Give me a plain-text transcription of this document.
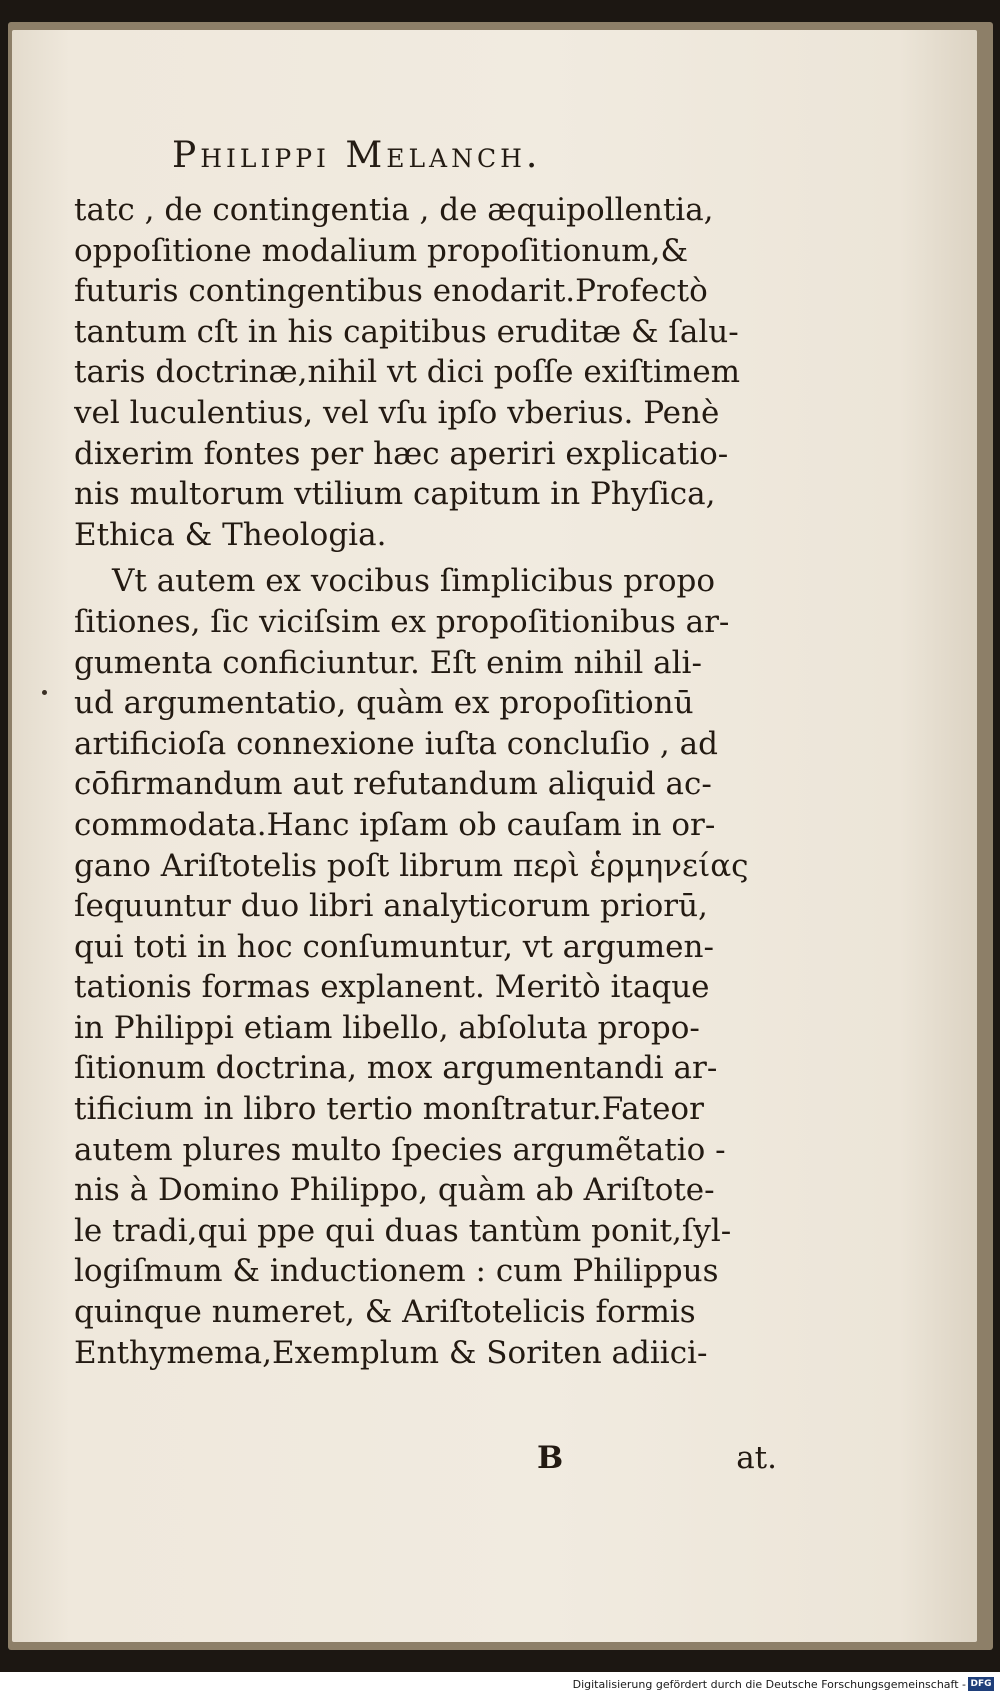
Philippi Melanch.
tatc , de contingentia , de æquipollentia,
oppoſitione modalium propoſitionum,&
futuris contingentibus enodarit.Profectò
tantum cſt in his capitibus eruditæ & ſalu-
taris doctrinæ,nihil vt dici poſſe exiſtimem
vel luculentius, vel vſu ipſo vberius. Penè
dixerim fontes per hæc aperiri explicatio-
nis multorum vtilium capitum in Phyſica,
Ethica & Theologia.
Vt autem ex vocibus ſimplicibus propo
ſitiones, ſic viciſsim ex propoſitionibus ar-
gumenta conficiuntur. Eſt enim nihil ali-
ud argumentatio, quàm ex propoſitionū
artificioſa connexione iuſta concluſio , ad
cōfirmandum aut refutandum aliquid ac-
commodata.Hanc ipſam ob cauſam in or-
gano Ariſtotelis poſt librum περὶ ἑρμηνείας
ſequuntur duo libri analyticorum priorū,
qui toti in hoc conſumuntur, vt argumen-
tationis formas explanent. Meritò itaque
in Philippi etiam libello, abſoluta propo-
ſitionum doctrina, mox argumentandi ar-
tificium in libro tertio monſtratur.Fateor
autem plures multo ſpecies argumẽtatio -
nis à Domino Philippo, quàm ab Ariſtote-
le tradi,qui ppe qui duas tantùm ponit,ſyl-
logiſmum & inductionem : cum Philippus
quinque numeret, & Ariſtotelicis formis
Enthymema,Exemplum & Soriten adiici-
B	at.
Digitalisierung gefördert durch die Deutsche Forschungsgemeinschaft - DFG
